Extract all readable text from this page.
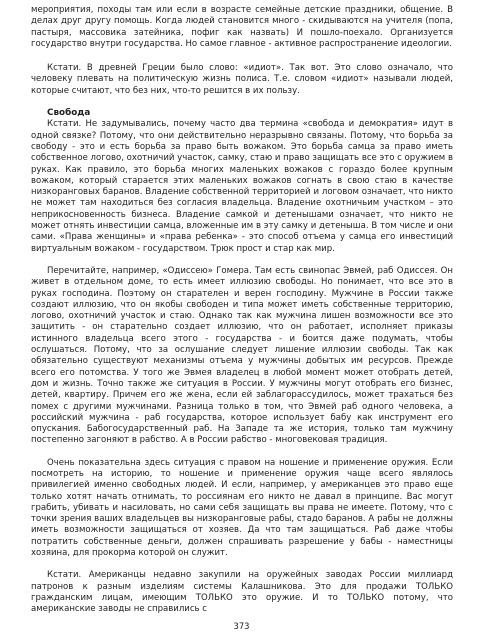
мероприятия, походы там или если в возрасте семейные детские праздники, общение. В делах друг другу помощь. Когда людей становится много - скидываются на учителя (попа, пастыря, массовика затейника, пофиг как назвать) И пошло-поехало. Организуется государство внутри государства. Но самое главное - активное распространение идеологии.

Кстати. В древней Греции было слово: «идиот». Так вот. Это слово означало, что человеку плевать на политическую жизнь полиса. Т.е. словом «идиот» называли людей, которые считают, что без них, что-то решится в их пользу.

Свобода

Кстати. Не задумывались, почему часто два термина «свобода и демократия» идут в одной связке? Потому, что они действительно неразрывно связаны. Потому, что борьба за свободу - это и есть борьба за право быть вожаком. Это борьба самца за право иметь собственное логово, охотничий участок, самку, стаю и право защищать все это с оружием в руках. Как правило, это борьба многих маленьких вожаков с гораздо более крупным вожаком, который старается этих маленьких вожаков согнать в свою стаю в качестве низкоранговых баранов. Владение собственной территорией и логовом означает, что никто не может там находиться без согласия владельца. Владение охотничьим участком – это неприкосновенность бизнеса. Владение самкой и детенышами означает, что никто не может отнять инвестиции самца, вложенные им в эту самку и детеныша. В том числе и они сами. «Права женщины» и «права ребенка» - это способ отъема у самца его инвестиций виртуальным вожаком - государством. Трюк прост и стар как мир.

Перечитайте, например, «Одиссею» Гомера. Там есть свинопас Эвмей, раб Одиссея. Он живет в отдельном доме, то есть имеет иллюзию свободы. Но понимает, что все это в руках господина. Поэтому он старателен и верен господину. Мужчине в России также создают иллюзию, что он якобы свободен и типа может иметь собственные территорию, логово, охотничий участок и стаю. Однако так как мужчина лишен возможности все это защитить - он старательно создает иллюзию, что он работает, исполняет приказы истинного владельца всего этого - государства - и боится даже подумать, чтобы ослушаться. Потому, что за ослушание следует лишение иллюзии свободы. Так как обязательно существуют механизмы отъема у мужчины добытых им ресурсов. Прежде всего его потомства. У того же Эвмея владелец в любой момент может отобрать детей, дом и жизнь. Точно также же ситуация в России. У мужчины могут отобрать его бизнес, детей, квартиру. Причем его же жена, если ей заблагорассудилось, может трахаться без помех с другими мужчинами. Разница только в том, что Эвмей раб одного человека, а российский мужчина - раб государства, которое использует бабу как инструмент его опускания. Бабогосударственный раб. На Западе та же история, только там мужчину постепенно загоняют в рабство. А в России рабство - многовековая традиция.

Очень показательна здесь ситуация с правом на ношение и применение оружия. Если посмотреть на историю, то ношение и применение оружия чаще всего являлось привилегией именно свободных людей. И если, например, у американцев это право еще только хотят начать отнимать, то россиянам его никто не давал в принципе. Вас могут грабить, убивать и насиловать, но сами себя защищать вы права не имеете. Потому, что с точки зрения ваших владельцев вы низкоранговые рабы, стадо баранов. А рабы не должны иметь возможности защищаться от хозяев. Да что там защищаться. Раб даже чтобы потратить собственные деньги, должен спрашивать разрешение у бабы - наместницы хозяина, для прокорма которой он служит.

Кстати. Американцы недавно закупили на оружейных заводах России миллиард патронов к разным изделиям системы Калашникова. Это для продажи ТОЛЬКО гражданским лицам, имеющим ТОЛЬКО это оружие. И то ТОЛЬКО потому, что американские заводы не справились с

373
